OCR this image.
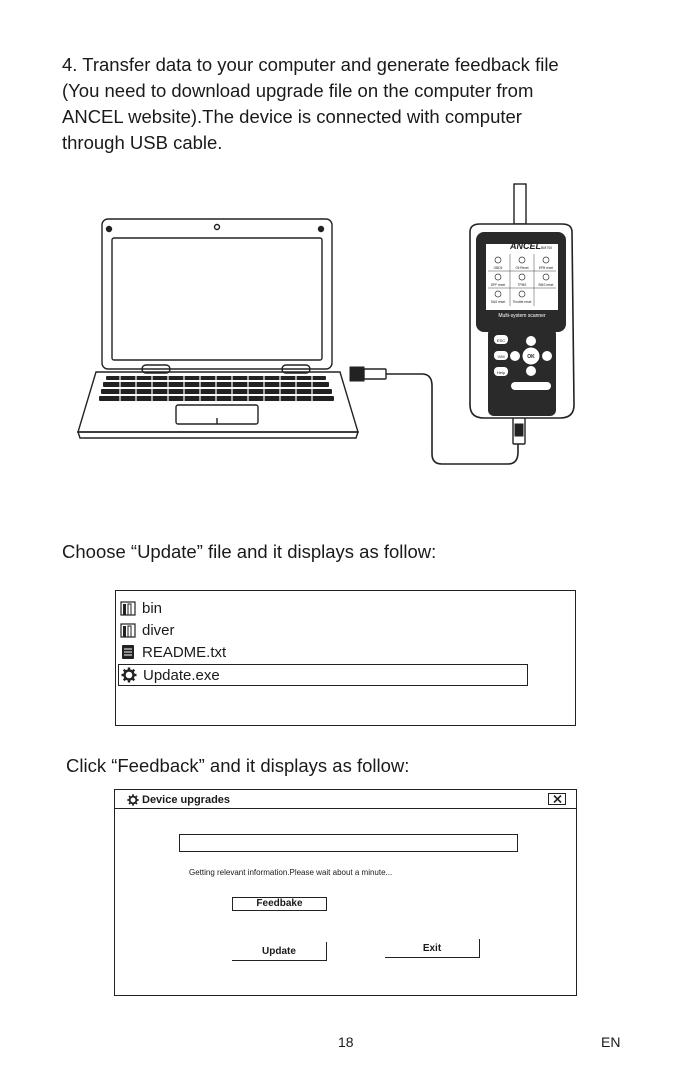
4. Transfer data to your computer and generate feedback file
(You need to download upgrade file on the computer from
ANCEL website).The device is connected with computer
through USB cable.

ANCEL BM700
OBDII	Oil Reset	EPB reset
DPF reset	TPMS	BMS reset
SAS reset Throttle reset
Multi-system scanner
ESC
V/M
Help
OK

Choose “Update” file and it displays as follow:

bin
diver
README.txt
Update.exe

Click “Feedback” and it displays as follow:

Device upgrades
Getting relevant information.Please wait about a minute...
Feedbake
Update	Exit
18	EN
